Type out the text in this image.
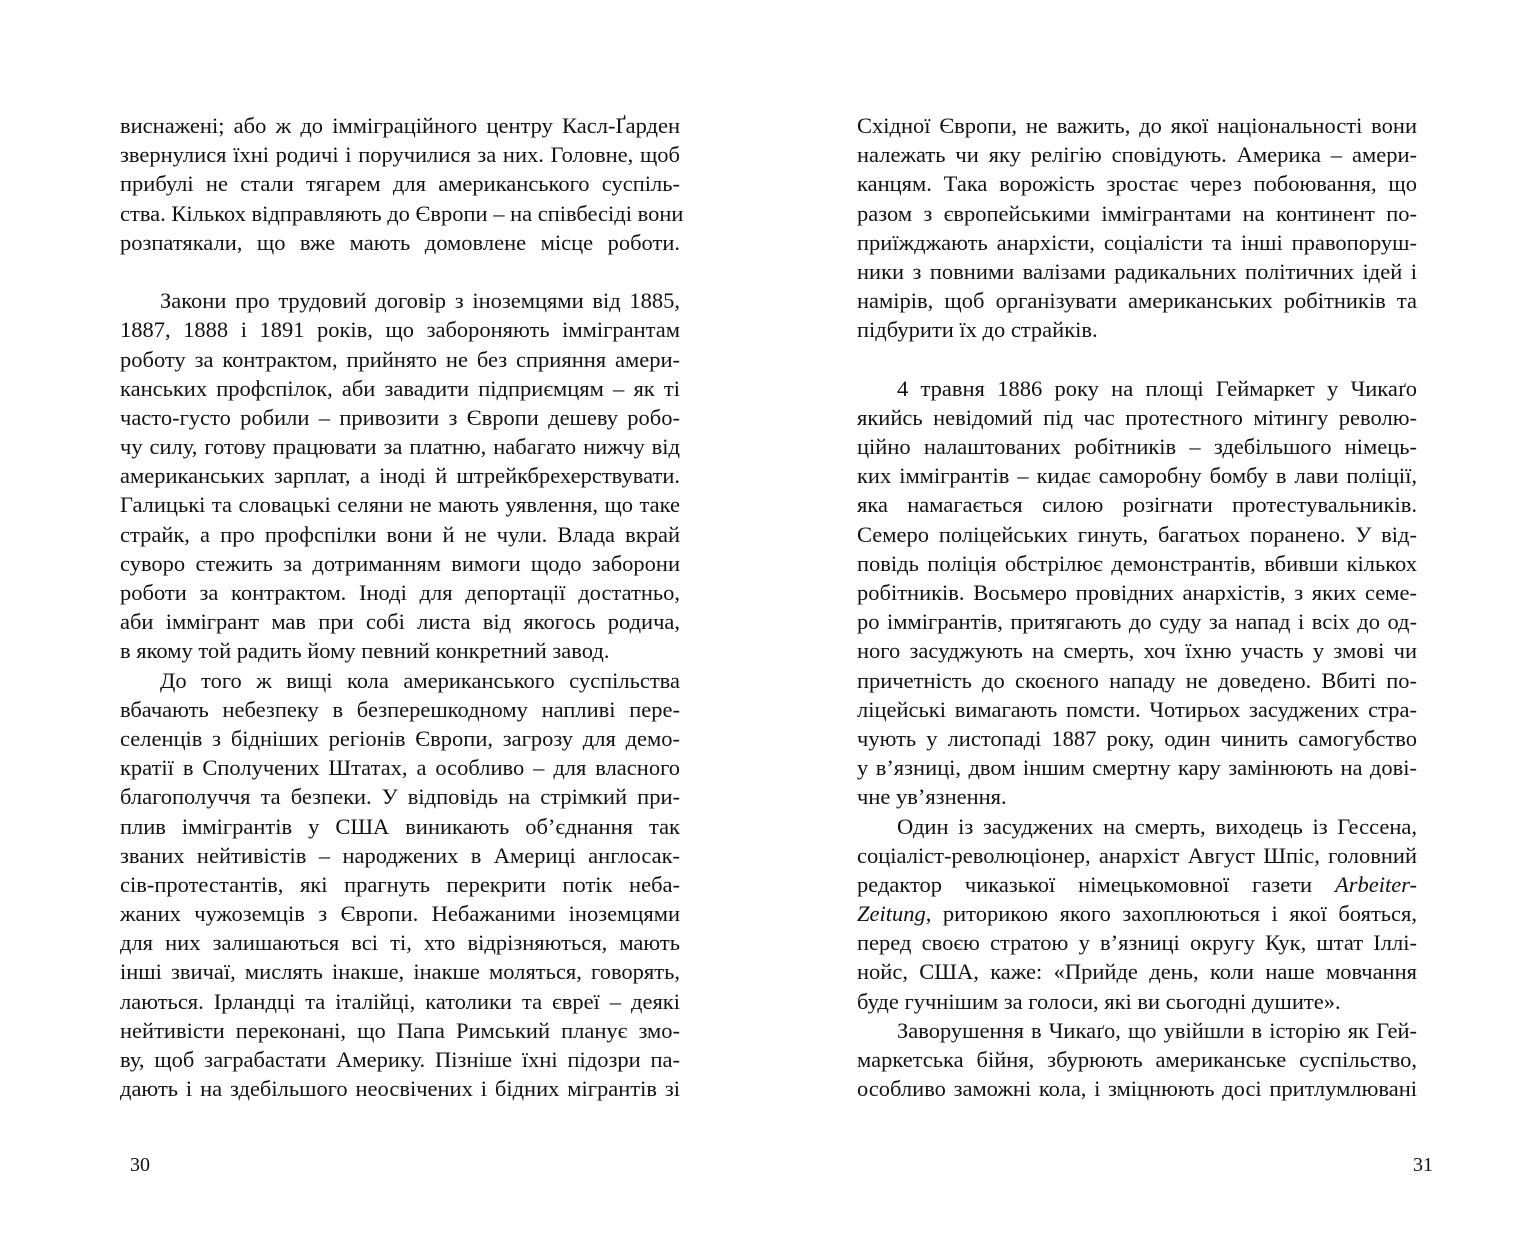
виснажені; або ж до імміграційного центру Касл-Ґарден
звернулися їхні родичі і поручилися за них. Головне, щоб
прибулі не стали тягарем для американського суспіль-
ства. Кількох відправляють до Європи – на співбесіді вони
розпатякали, що вже мають домовлене місце роботи.
Закони про трудовий договір з іноземцями від 1885,
1887, 1888 і 1891 років, що забороняють іммігрантам
роботу за контрактом, прийнято не без сприяння амери-
канських профспілок, аби завадити підприємцям – як ті
часто-густо робили – привозити з Європи дешеву робо-
чу силу, готову працювати за платню, набагато нижчу від
американських зарплат, а іноді й штрейкбрехерствувати.
Галицькі та словацькі селяни не мають уявлення, що таке
страйк, а про профспілки вони й не чули. Влада вкрай
суворо стежить за дотриманням вимоги щодо заборони
роботи за контрактом. Іноді для депортації достатньо,
аби іммігрант мав при собі листа від якогось родича,
в якому той радить йому певний конкретний завод.
До того ж вищі кола американського суспільства
вбачають небезпеку в безперешкодному напливі пере-
селенців з бідніших регіонів Європи, загрозу для демо-
кратії в Сполучених Штатах, а особливо – для власного
благополуччя та безпеки. У відповідь на стрімкий при-
плив іммігрантів у США виникають об’єднання так
званих нейтивістів – народжених в Америці англосак-
сів-протестантів, які прагнуть перекрити потік неба-
жаних чужоземців з Європи. Небажаними іноземцями
для них залишаються всі ті, хто відрізняються, мають
інші звичаї, мислять інакше, інакше моляться, говорять,
лаються. Ірландці та італійці, католики та євреї – деякі
нейтивісти переконані, що Папа Римський планує змо-
ву, щоб заграбастати Америку. Пізніше їхні підозри па-
дають і на здебільшого неосвічених і бідних мігрантів зі
30
Східної Європи, не важить, до якої національності вони
належать чи яку релігію сповідують. Америка – амери-
канцям. Така ворожість зростає через побоювання, що
разом з європейськими іммігрантами на континент по-
приїжджають анархісти, соціалісти та інші правопоруш-
ники з повними валізами радикальних політичних ідей і
намірів, щоб організувати американських робітників та
підбурити їх до страйків.
4 травня 1886 року на площі Геймаркет у Чикаґо
якийсь невідомий під час протестного мітингу револю-
ційно налаштованих робітників – здебільшого німець-
ких іммігрантів – кидає саморобну бомбу в лави поліції,
яка намагається силою розігнати протестувальників.
Семеро поліцейських гинуть, багатьох поранено. У від-
повідь поліція обстрілює демонстрантів, вбивши кількох
робітників. Восьмеро провідних анархістів, з яких семе-
ро іммігрантів, притягають до суду за напад і всіх до од-
ного засуджують на смерть, хоч їхню участь у змові чи
причетність до скоєного нападу не доведено. Вбиті по-
ліцейські вимагають помсти. Чотирьох засуджених стра-
чують у листопаді 1887 року, один чинить самогубство
у в’язниці, двом іншим смертну кару замінюють на дові-
чне ув’язнення.
Один із засуджених на смерть, виходець із Гессена,
соціаліст-революціонер, анархіст Август Шпіс, головний
редактор чиказької німецькомовної газети Arbeiter-
Zeitung, риторикою якого захоплюються і якої бояться,
перед своєю стратою у в’язниці округу Кук, штат Іллі-
нойс, США, каже: «Прийде день, коли наше мовчання
буде гучнішим за голоси, які ви сьогодні душите».
Заворушення в Чикаґо, що увійшли в історію як Гей-
маркетська бійня, збурюють американське суспільство,
особливо заможні кола, і зміцнюють досі притлумлювані
31
